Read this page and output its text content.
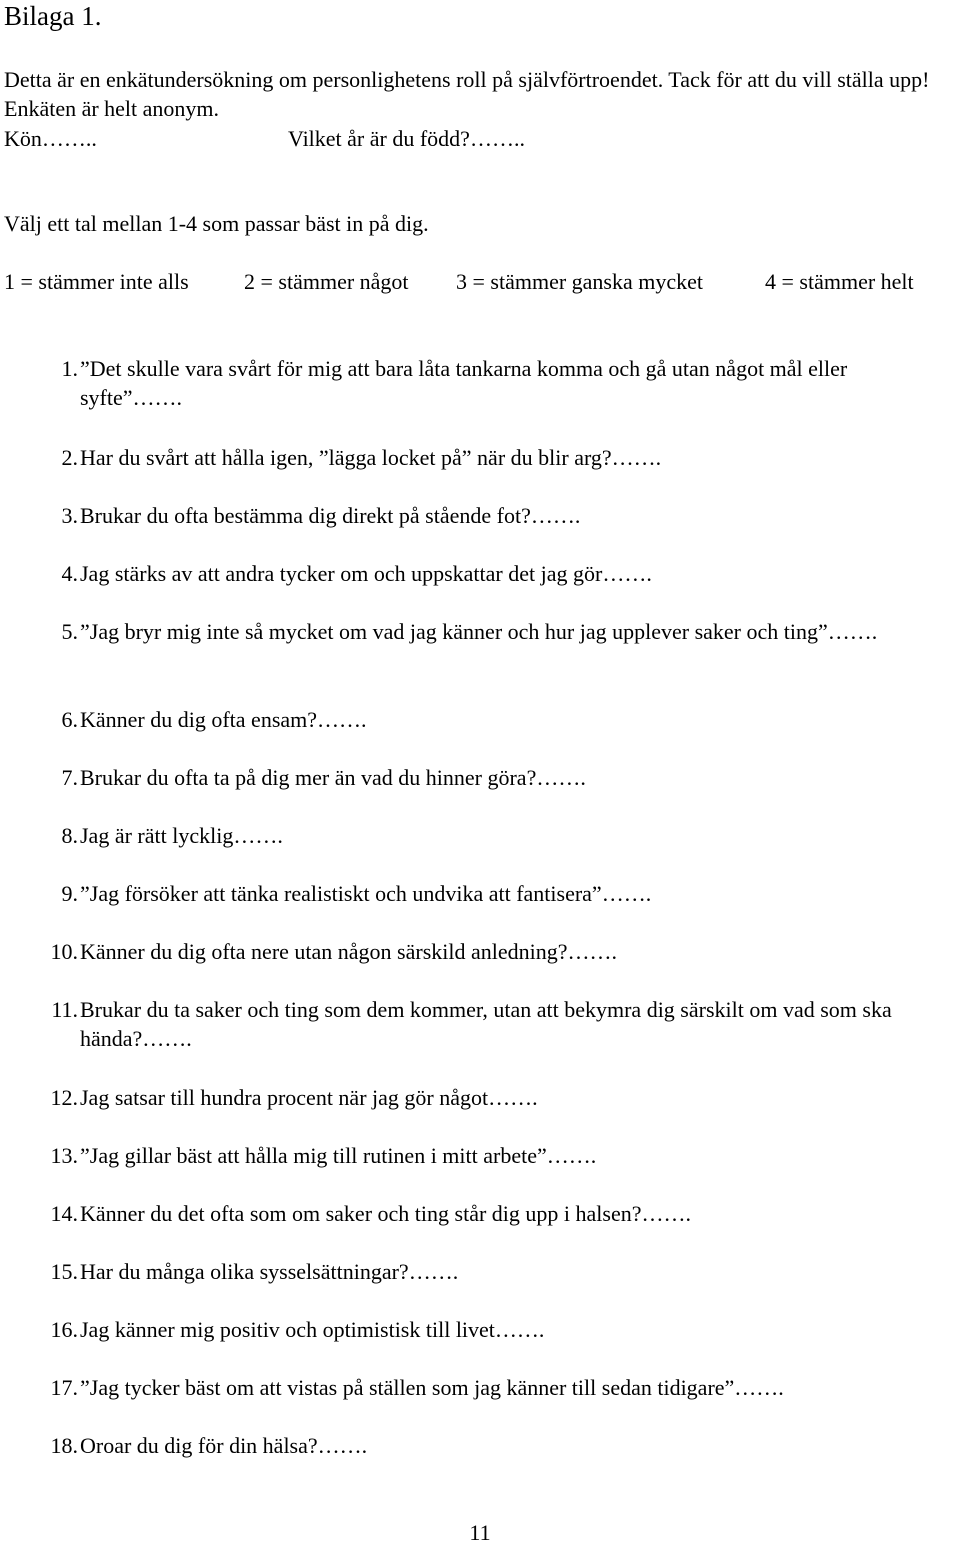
Bilaga 1.
Detta är en enkätundersökning om personlighetens roll på självförtroendet. Tack för att du vill ställa upp! Enkäten är helt anonym.
Kön……..	Vilket år är du född?……..
Välj ett tal mellan 1-4 som passar bäst in på dig.
1 = stämmer inte alls	2 = stämmer något 3 = stämmer ganska mycket	4 = stämmer helt
1. ”Det skulle vara svårt för mig att bara låta tankarna komma och gå utan något mål eller syfte”…….
2. Har du svårt att hålla igen, ”lägga locket på” när du blir arg?…….
3. Brukar du ofta bestämma dig direkt på stående fot?…….
4. Jag stärks av att andra tycker om och uppskattar det jag gör…….
5. ”Jag bryr mig inte så mycket om vad jag känner och hur jag upplever saker och ting”…….
6. Känner du dig ofta ensam?…….
7. Brukar du ofta ta på dig mer än vad du hinner göra?…….
8. Jag är rätt lycklig…….
9. ”Jag försöker att tänka realistiskt och undvika att fantisera”…….
10. Känner du dig ofta nere utan någon särskild anledning?…….
11. Brukar du ta saker och ting som dem kommer, utan att bekymra dig särskilt om vad som ska hända?…….
12. Jag satsar till hundra procent när jag gör något…….
13. ”Jag gillar bäst att hålla mig till rutinen i mitt arbete”…….
14. Känner du det ofta som om saker och ting står dig upp i halsen?…….
15. Har du många olika sysselsättningar?…….
16. Jag känner mig positiv och optimistisk till livet…….
17. ”Jag tycker bäst om att vistas på ställen som jag känner till sedan tidigare”…….
18. Oroar du dig för din hälsa?…….
11
